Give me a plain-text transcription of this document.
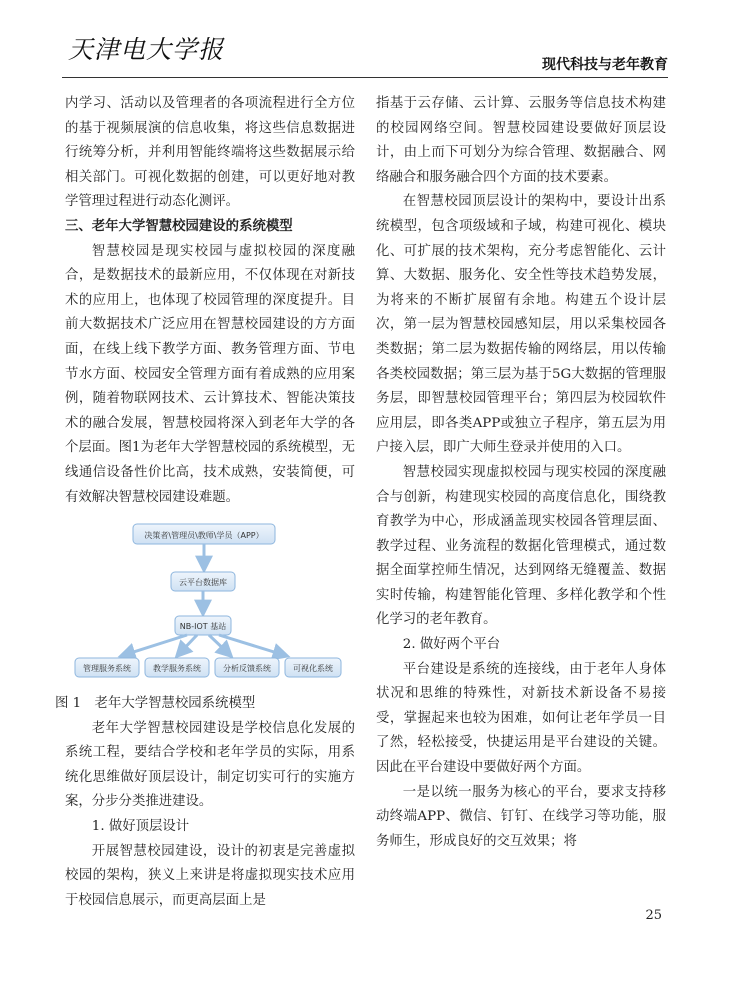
天津电大学报
现代科技与老年教育

内学习、活动以及管理者的各项流程进行全方位的基于视频展演的信息收集，将这些信息数据进行统筹分析，并利用智能终端将这些数据展示给相关部门。可视化数据的创建，可以更好地对教学管理过程进行动态化测评。

三、老年大学智慧校园建设的系统模型

智慧校园是现实校园与虚拟校园的深度融合，是数据技术的最新应用，不仅体现在对新技术的应用上，也体现了校园管理的深度提升。目前大数据技术广泛应用在智慧校园建设的方方面面，在线上线下教学方面、教务管理方面、节电节水方面、校园安全管理方面有着成熟的应用案例，随着物联网技术、云计算技术、智能决策技术的融合发展，智慧校园将深入到老年大学的各个层面。图1为老年大学智慧校园的系统模型，无线通信设备性价比高，技术成熟，安装简便，可有效解决智慧校园建设难题。

决策者\管理员\教师\学员（APP）
云平台数据库
NB-IOT 基站
管理服务系统	教学服务系统	分析反馈系统	可视化系统

图 1　老年大学智慧校园系统模型

老年大学智慧校园建设是学校信息化发展的系统工程，要结合学校和老年学员的实际，用系统化思维做好顶层设计，制定切实可行的实施方案，分步分类推进建设。

1. 做好顶层设计

开展智慧校园建设，设计的初衷是完善虚拟校园的架构，狭义上来讲是将虚拟现实技术应用于校园信息展示，而更高层面上是

指基于云存储、云计算、云服务等信息技术构建的校园网络空间。智慧校园建设要做好顶层设计，由上而下可划分为综合管理、数据融合、网络融合和服务融合四个方面的技术要素。

在智慧校园顶层设计的架构中，要设计出系统模型，包含项级域和子域，构建可视化、模块化、可扩展的技术架构，充分考虑智能化、云计算、大数据、服务化、安全性等技术趋势发展，为将来的不断扩展留有余地。构建五个设计层次，第一层为智慧校园感知层，用以采集校园各类数据；第二层为数据传输的网络层，用以传输各类校园数据；第三层为基于5G大数据的管理服务层，即智慧校园管理平台；第四层为校园软件应用层，即各类APP或独立子程序，第五层为用户接入层，即广大师生登录并使用的入口。

智慧校园实现虚拟校园与现实校园的深度融合与创新，构建现实校园的高度信息化，围绕教育教学为中心，形成涵盖现实校园各管理层面、教学过程、业务流程的数据化管理模式，通过数据全面掌控师生情况，达到网络无缝覆盖、数据实时传输，构建智能化管理、多样化教学和个性化学习的老年教育。

2. 做好两个平台

平台建设是系统的连接线，由于老年人身体状况和思维的特殊性，对新技术新设备不易接受，掌握起来也较为困难，如何让老年学员一目了然，轻松接受，快捷运用是平台建设的关键。因此在平台建设中要做好两个方面。

一是以统一服务为核心的平台，要求支持移动终端APP、微信、钉钉、在线学习等功能，服务师生，形成良好的交互效果；将

25
